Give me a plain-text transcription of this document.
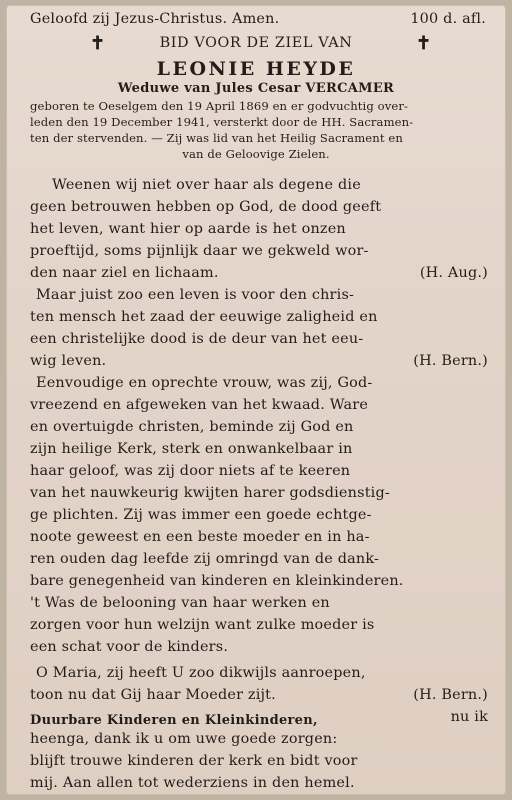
Geloofd zij Jezus-Christus. Amen.	100 d. afl.
✝	BID VOOR DE ZIEL VAN	✝
LEONIE HEYDE
Weduwe van Jules Cesar VERCAMER
geboren te Oeselgem den 19 April 1869 en er godvuchtig over-
leden den 19 December 1941, versterkt door de HH. Sacramen-
ten der stervenden. — Zij was lid van het Heilig Sacrament en
van de Geloovige Zielen.
Weenen wij niet over haar als degene die
geen betrouwen hebben op God, de dood geeft
het leven, want hier op aarde is het onzen
proeftijd, soms pijnlijk daar we gekweld wor-
den naar ziel en lichaam.	(H. Aug.)
Maar juist zoo een leven is voor den chris-
ten mensch het zaad der eeuwige zaligheid en
een christelijke dood is de deur van het eeu-
wig leven.	(H. Bern.)
Eenvoudige en oprechte vrouw, was zij, God-
vreezend en afgeweken van het kwaad. Ware
en overtuigde christen, beminde zij God en
zijn heilige Kerk, sterk en onwankelbaar in
haar geloof, was zij door niets af te keeren
van het nauwkeurig kwijten harer godsdienstig-
ge plichten. Zij was immer een goede echtge-
noote geweest en een beste moeder en in ha-
ren ouden dag leefde zij omringd van de dank-
bare genegenheid van kinderen en kleinkinderen.
't Was de belooning van haar werken en
zorgen voor hun welzijn want zulke moeder is
een schat voor de kinders.
O Maria, zij heeft U zoo dikwijls aanroepen,
toon nu dat Gij haar Moeder zijt.	(H. Bern.)
Duurbare Kinderen en Kleinkinderen,	nu ik
heenga, dank ik u om uwe goede zorgen:
blijft trouwe kinderen der kerk en bidt voor
mij. Aan allen tot wederziens in den hemel.
